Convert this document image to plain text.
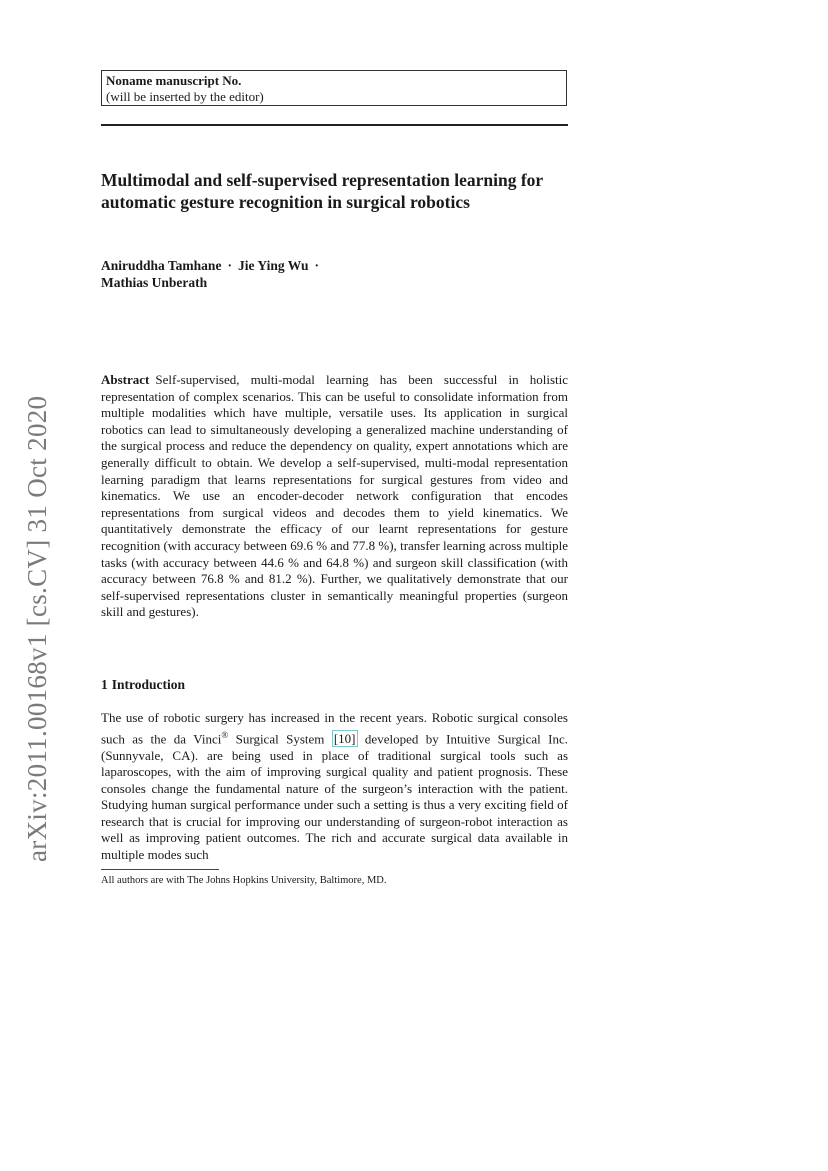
Noname manuscript No.
(will be inserted by the editor)
Multimodal and self-supervised representation learning for automatic gesture recognition in surgical robotics
Aniruddha Tamhane · Jie Ying Wu ·
Mathias Unberath
arXiv:2011.00168v1 [cs.CV] 31 Oct 2020
Abstract Self-supervised, multi-modal learning has been successful in holistic representation of complex scenarios. This can be useful to consolidate information from multiple modalities which have multiple, versatile uses. Its application in surgical robotics can lead to simultaneously developing a generalized machine understanding of the surgical process and reduce the dependency on quality, expert annotations which are generally difficult to obtain. We develop a self-supervised, multi-modal representation learning paradigm that learns representations for surgical gestures from video and kinematics. We use an encoder-decoder network configuration that encodes representations from surgical videos and decodes them to yield kinematics. We quantitatively demonstrate the efficacy of our learnt representations for gesture recognition (with accuracy between 69.6 % and 77.8 %), transfer learning across multiple tasks (with accuracy between 44.6 % and 64.8 %) and surgeon skill classification (with accuracy between 76.8 % and 81.2 %). Further, we qualitatively demonstrate that our self-supervised representations cluster in semantically meaningful properties (surgeon skill and gestures).
1 Introduction
The use of robotic surgery has increased in the recent years. Robotic surgical consoles such as the da Vinci® Surgical System [10] developed by Intuitive Surgical Inc. (Sunnyvale, CA). are being used in place of traditional surgical tools such as laparoscopes, with the aim of improving surgical quality and patient prognosis. These consoles change the fundamental nature of the surgeon’s interaction with the patient. Studying human surgical performance under such a setting is thus a very exciting field of research that is crucial for improving our understanding of surgeon-robot interaction as well as improving patient outcomes. The rich and accurate surgical data available in multiple modes such
All authors are with The Johns Hopkins University, Baltimore, MD.
